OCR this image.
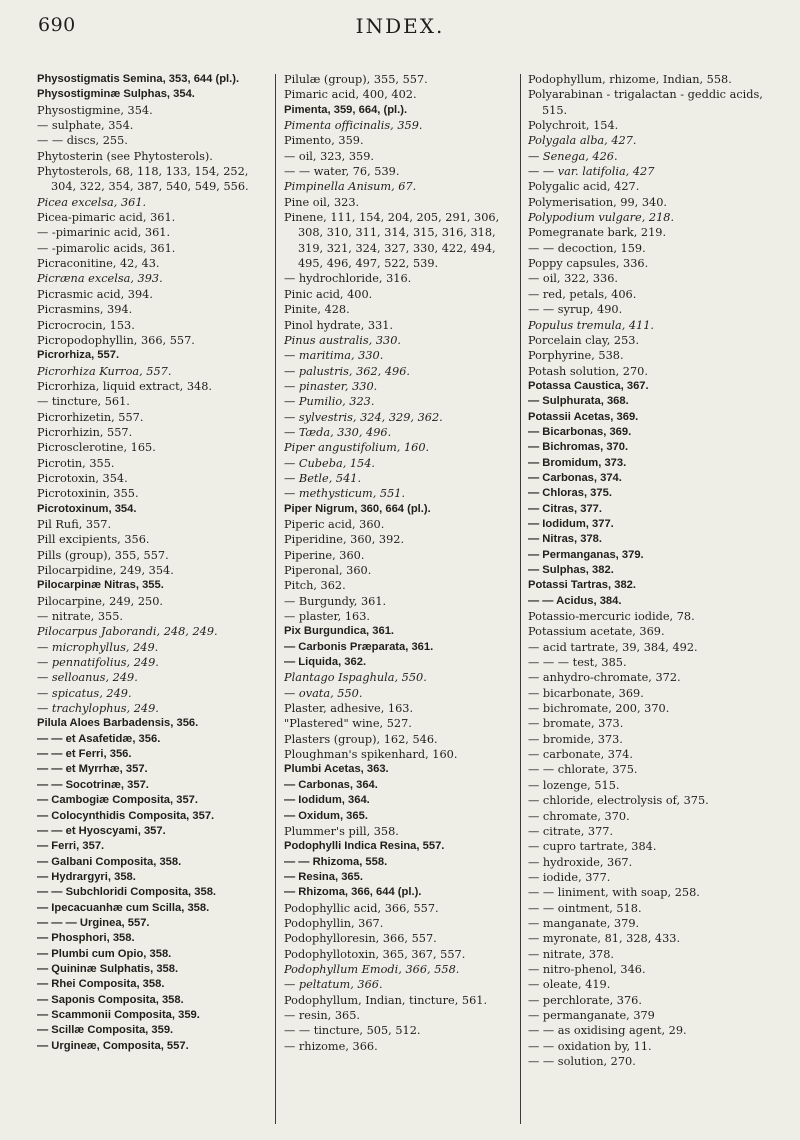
690	INDEX.
Physostigmatis Semina, 353, 644 (pl.).
Physostigminæ Sulphas, 354.
Physostigmine, 354.
— sulphate, 354.
— — discs, 255.
Phytosterin (see Phytosterols).
Phytosterols, 68, 118, 133, 154, 252, 304, 322, 354, 387, 540, 549, 556.
Picea excelsa, 361.
Picea-pimaric acid, 361.
— -pimarinic acid, 361.
— -pimarolic acids, 361.
Picraconitine, 42, 43.
Picræna excelsa, 393.
Picrasmic acid, 394.
Picrasmins, 394.
Picrocrocin, 153.
Picropodophyllin, 366, 557.
Picrorhiza, 557.
Picrorhiza Kurroa, 557.
Picrorhiza, liquid extract, 348.
— tincture, 561.
Picrorhizetin, 557.
Picrorhizin, 557.
Picrosclerotine, 165.
Picrotin, 355.
Picrotoxin, 354.
Picrotoxinin, 355.
Picrotoxinum, 354.
Pil Rufi, 357.
Pill excipients, 356.
Pills (group), 355, 557.
Pilocarpidine, 249, 354.
Pilocarpinæ Nitras, 355.
Pilocarpine, 249, 250.
— nitrate, 355.
Pilocarpus Jaborandi, 248, 249.
— microphyllus, 249.
— pennatifolius, 249.
— selloanus, 249.
— spicatus, 249.
— trachylophus, 249.
Pilula Aloes Barbadensis, 356.
— — et Asafetidæ, 356.
— — et Ferri, 356.
— — et Myrrhæ, 357.
— — Socotrinæ, 357.
— Cambogiæ Composita, 357.
— Colocynthidis Composita, 357.
— — et Hyoscyami, 357.
— Ferri, 357.
— Galbani Composita, 358.
— Hydrargyri, 358.
— — Subchloridi Composita, 358.
— Ipecacuanhæ cum Scilla, 358.
— — — Urginea, 557.
— Phosphori, 358.
— Plumbi cum Opio, 358.
— Quininæ Sulphatis, 358.
— Rhei Composita, 358.
— Saponis Composita, 358.
— Scammonii Composita, 359.
— Scillæ Composita, 359.
— Urgineæ, Composita, 557.
Pilulæ (group), 355, 557.
Pimaric acid, 400, 402.
Pimenta, 359, 664, (pl.).
Pimenta officinalis, 359.
Pimento, 359.
— oil, 323, 359.
— — water, 76, 539.
Pimpinella Anisum, 67.
Pine oil, 323.
Pinene, 111, 154, 204, 205, 291, 306, 308, 310, 311, 314, 315, 316, 318, 319, 321, 324, 327, 330, 422, 494, 495, 496, 497, 522, 539.
— hydrochloride, 316.
Pinic acid, 400.
Pinite, 428.
Pinol hydrate, 331.
Pinus australis, 330.
— maritima, 330.
— palustris, 362, 496.
— pinaster, 330.
— Pumilio, 323.
— sylvestris, 324, 329, 362.
— Tæda, 330, 496.
Piper angustifolium, 160.
— Cubeba, 154.
— Betle, 541.
— methysticum, 551.
Piper Nigrum, 360, 664 (pl.).
Piperic acid, 360.
Piperidine, 360, 392.
Piperine, 360.
Piperonal, 360.
Pitch, 362.
— Burgundy, 361.
— plaster, 163.
Pix Burgundica, 361.
— Carbonis Præparata, 361.
— Liquida, 362.
Plantago Ispaghula, 550.
— ovata, 550.
Plaster, adhesive, 163.
"Plastered" wine, 527.
Plasters (group), 162, 546.
Ploughman's spikenhard, 160.
Plumbi Acetas, 363.
— Carbonas, 364.
— Iodidum, 364.
— Oxidum, 365.
Plummer's pill, 358.
Podophylli Indica Resina, 557.
— — Rhizoma, 558.
— Resina, 365.
— Rhizoma, 366, 644 (pl.).
Podophyllic acid, 366, 557.
Podophyllin, 367.
Podophylloresin, 366, 557.
Podophyllotoxin, 365, 367, 557.
Podophyllum Emodi, 366, 558.
— peltatum, 366.
Podophyllum, Indian, tincture, 561.
— resin, 365.
— — tincture, 505, 512.
— rhizome, 366.
Podophyllum, rhizome, Indian, 558.
Polyarabinan - trigalactan - geddic acids, 515.
Polychroit, 154.
Polygala alba, 427.
— Senega, 426.
— — var. latifolia, 427
Polygalic acid, 427.
Polymerisation, 99, 340.
Polypodium vulgare, 218.
Pomegranate bark, 219.
— — decoction, 159.
Poppy capsules, 336.
— oil, 322, 336.
— red, petals, 406.
— — syrup, 490.
Populus tremula, 411.
Porcelain clay, 253.
Porphyrine, 538.
Potash solution, 270.
Potassa Caustica, 367.
— Sulphurata, 368.
Potassii Acetas, 369.
— Bicarbonas, 369.
— Bichromas, 370.
— Bromidum, 373.
— Carbonas, 374.
— Chloras, 375.
— Citras, 377.
— Iodidum, 377.
— Nitras, 378.
— Permanganas, 379.
— Sulphas, 382.
Potassi Tartras, 382.
— — Acidus, 384.
Potassio-mercuric iodide, 78.
Potassium acetate, 369.
— acid tartrate, 39, 384, 492.
— — — test, 385.
— anhydro-chromate, 372.
— bicarbonate, 369.
— bichromate, 200, 370.
— bromate, 373.
— bromide, 373.
— carbonate, 374.
— — chlorate, 375.
— lozenge, 515.
— chloride, electrolysis of, 375.
— chromate, 370.
— citrate, 377.
— cupro tartrate, 384.
— hydroxide, 367.
— iodide, 377.
— — liniment, with soap, 258.
— — ointment, 518.
— manganate, 379.
— myronate, 81, 328, 433.
— nitrate, 378.
— nitro-phenol, 346.
— oleate, 419.
— perchlorate, 376.
— permanganate, 379
— — as oxidising agent, 29.
— — oxidation by, 11.
— — solution, 270.
